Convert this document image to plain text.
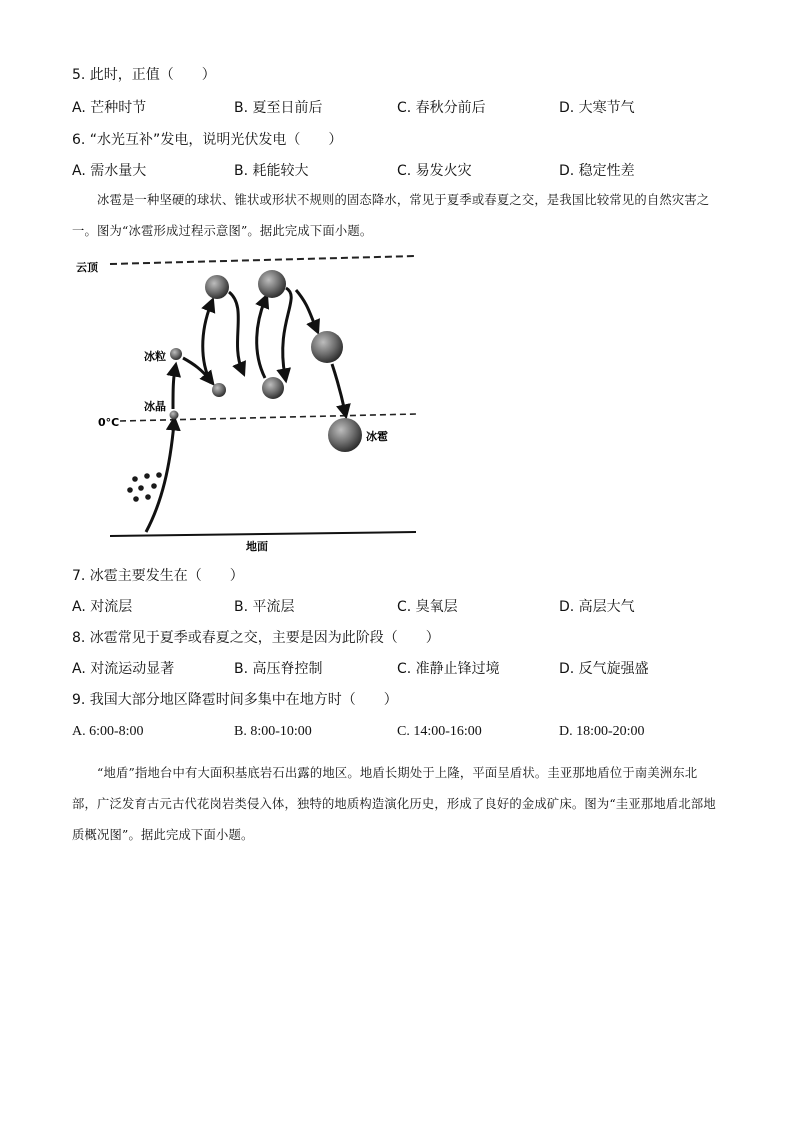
5. 此时，正值（　　）
A. 芒种时节	B. 夏至日前后	C. 春秋分前后	D. 大寒节气
6. “水光互补”发电，说明光伏发电（　　）
A. 需水量大	B. 耗能较大	C. 易发火灾	D. 稳定性差
冰雹是一种坚硬的球状、锥状或形状不规则的固态降水，常见于夏季或春夏之交，是我国比较常见的自然灾害之一。图为“冰雹形成过程示意图”。据此完成下面小题。
云顶
0°C
地面
冰晶
冰粒
冰雹
7. 冰雹主要发生在（　　）
A. 对流层	B. 平流层	C. 臭氧层	D. 高层大气
8. 冰雹常见于夏季或春夏之交，主要是因为此阶段（　　）
A. 对流运动显著	B. 高压脊控制	C. 准静止锋过境	D. 反气旋强盛
9. 我国大部分地区降雹时间多集中在地方时（　　）
A. 6:00-8:00	B. 8:00-10:00	C. 14:00-16:00	D. 18:00-20:00
“地盾”指地台中有大面积基底岩石出露的地区。地盾长期处于上隆，平面呈盾状。圭亚那地盾位于南美洲东北部，广泛发育古元古代花岗岩类侵入体，独特的地质构造演化历史，形成了良好的金成矿床。图为“圭亚那地盾北部地质概况图”。据此完成下面小题。
